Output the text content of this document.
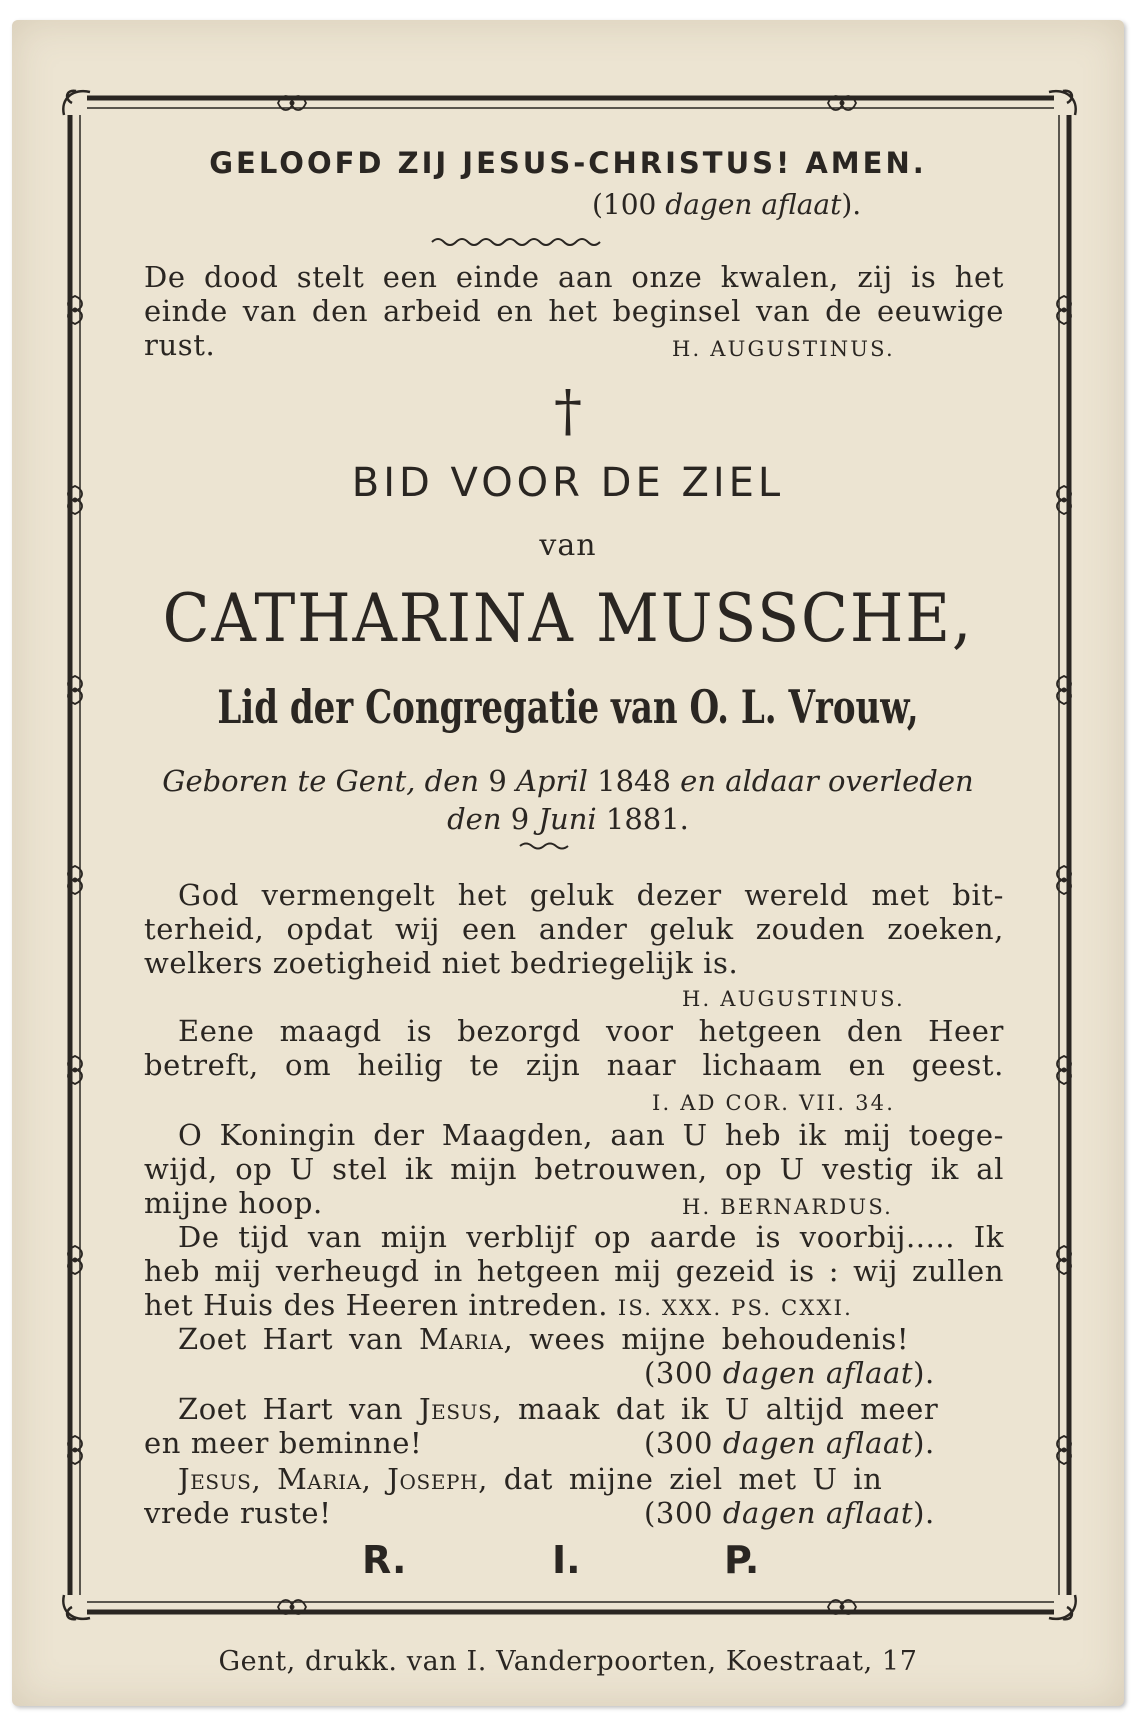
GELOOFD ZIJ JESUS-CHRISTUS! AMEN.
(100 dagen aflaat).
De dood stelt een einde aan onze kwalen, zij is het
einde van den arbeid en het beginsel van de eeuwige
rust.	H. AUGUSTINUS.
†
BID VOOR DE ZIEL
van
CATHARINA MUSSCHE,
Lid der Congregatie van O. L. Vrouw,
Geboren te Gent, den 9 April 1848 en aldaar overleden
den 9 Juni 1881.
God vermengelt het geluk dezer wereld met bit-
terheid, opdat wij een ander geluk zouden zoeken,
welkers zoetigheid niet bedriegelijk is.
H. AUGUSTINUS.
Eene maagd is bezorgd voor hetgeen den Heer
betreft, om heilig te zijn naar lichaam en geest.
I. AD COR. VII. 34.
O Koningin der Maagden, aan U heb ik mij toege-
wijd, op U stel ik mijn betrouwen, op U vestig ik al
mijne hoop.	H. BERNARDUS.
De tijd van mijn verblijf op aarde is voorbij..... Ik
heb mij verheugd in hetgeen mij gezeid is : wij zullen
het Huis des Heeren intreden. IS. XXX. PS. CXXI.
Zoet Hart van Maria, wees mijne behoudenis!
(300 dagen aflaat).
Zoet Hart van Jesus, maak dat ik U altijd meer
en meer beminne!	(300 dagen aflaat).
Jesus, Maria, Joseph, dat mijne ziel met U in
vrede ruste!	(300 dagen aflaat).
R.	I.	P.
Gent, drukk. van I. Vanderpoorten, Koestraat, 17
